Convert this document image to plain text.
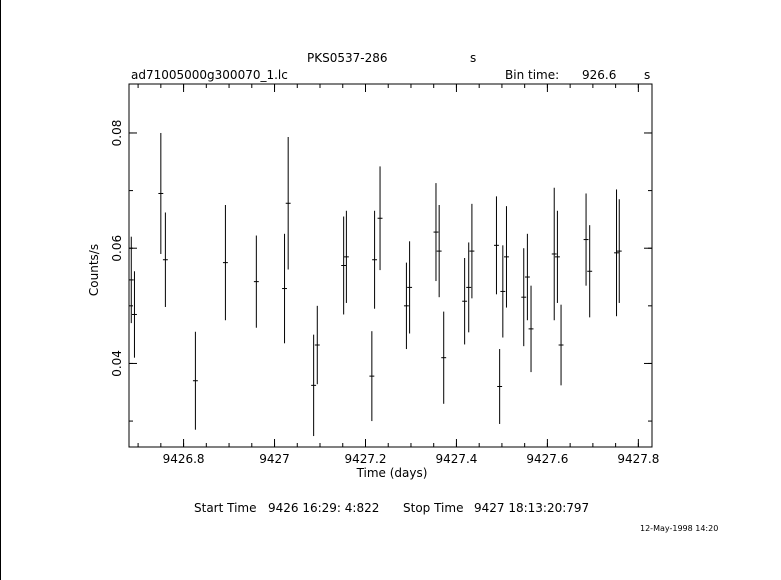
PKS0537-286	s
ad71005000g300070_1.lc	Bin time: 926.6 s
9426.8	9427	9427.2	9427.4	9427.6	9427.8
0.04
0.06
0.08
Time (days)
Counts/s
Start Time 9426 16:29: 4:822 Stop Time 9427 18:13:20:797
12-May-1998 14:20
